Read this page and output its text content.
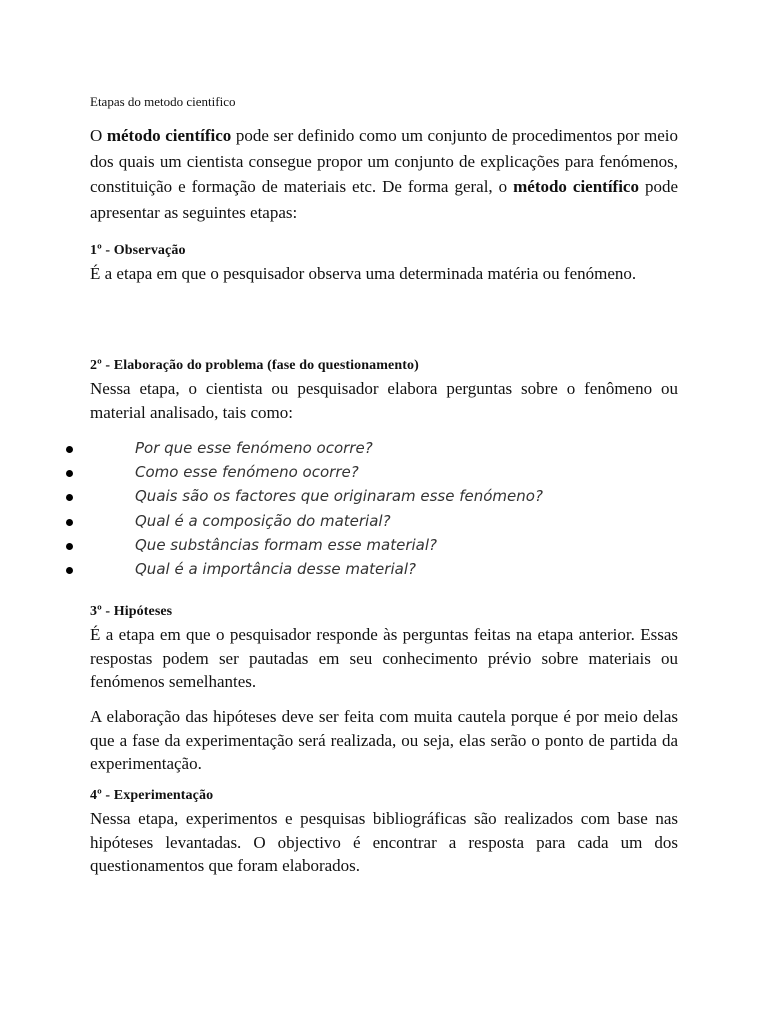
Etapas do metodo cientifico
O método científico pode ser definido como um conjunto de procedimentos por meio dos quais um cientista consegue propor um conjunto de explicações para fenómenos, constituição e formação de materiais etc. De forma geral, o método científico pode apresentar as seguintes etapas:
1º - Observação
É a etapa em que o pesquisador observa uma determinada matéria ou fenómeno.
2º - Elaboração do problema (fase do questionamento)
Nessa etapa, o cientista ou pesquisador elabora perguntas sobre o fenômeno ou material analisado, tais como:
3º - Hipóteses
É a etapa em que o pesquisador responde às perguntas feitas na etapa anterior. Essas respostas podem ser pautadas em seu conhecimento prévio sobre materiais ou fenómenos semelhantes.
A elaboração das hipóteses deve ser feita com muita cautela porque é por meio delas que a fase da experimentação será realizada, ou seja, elas serão o ponto de partida da experimentação.
4º - Experimentação
Nessa etapa, experimentos e pesquisas bibliográficas são realizados com base nas hipóteses levantadas. O objectivo é encontrar a resposta para cada um dos questionamentos que foram elaborados.
Por que esse fenómeno ocorre?
Como esse fenómeno ocorre?
Quais são os factores que originaram esse fenómeno?
Qual é a composição do material?
Que substâncias formam esse material?
Qual é a importância desse material?
